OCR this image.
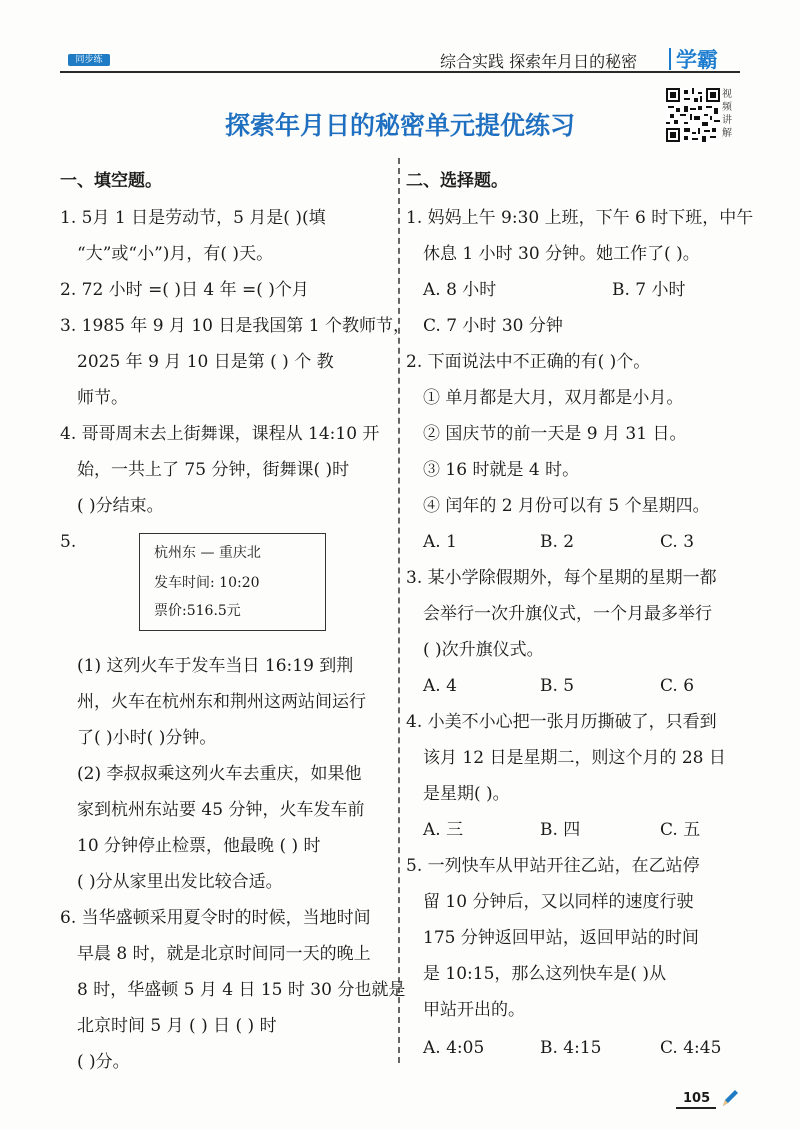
同步练	综合实践 探索年月日的秘密 学霸
探索年月日的秘密单元提优练习
视频讲解
一、填空题。
1. 5月 1 日是劳动节，5 月是( )(填
“大”或“小”)月，有( )天。
2. 72 小时 =( )日 4 年 =( )个月
3. 1985 年 9 月 10 日是我国第 1 个教师节，
2025 年 9 月 10 日是第 ( ) 个 教
师节。
4. 哥哥周末去上街舞课，课程从 14:10 开
始，一共上了 75 分钟，街舞课( )时
( )分结束。
5.
(1) 这列火车于发车当日 16:19 到荆
州，火车在杭州东和荆州这两站间运行
了( )小时( )分钟。
(2) 李叔叔乘这列火车去重庆，如果他
家到杭州东站要 45 分钟，火车发车前
10 分钟停止检票，他最晚 ( ) 时
( )分从家里出发比较合适。
6. 当华盛顿采用夏令时的时候，当地时间
早晨 8 时，就是北京时间同一天的晚上
8 时，华盛顿 5 月 4 日 15 时 30 分也就是
北京时间 5 月 ( ) 日 ( ) 时
( )分。
杭州东 — 重庆北
发车时间: 10:20
票价:516.5元
二、选择题。
1. 妈妈上午 9:30 上班，下午 6 时下班，中午
休息 1 小时 30 分钟。她工作了( )。
A. 8 小时	B. 7 小时
C. 7 小时 30 分钟
2. 下面说法中不正确的有( )个。
① 单月都是大月，双月都是小月。
② 国庆节的前一天是 9 月 31 日。
③ 16 时就是 4 时。
④ 闰年的 2 月份可以有 5 个星期四。
A. 1	B. 2	C. 3
3. 某小学除假期外，每个星期的星期一都
会举行一次升旗仪式，一个月最多举行
( )次升旗仪式。
A. 4	B. 5	C. 6
4. 小美不小心把一张月历撕破了，只看到
该月 12 日是星期二，则这个月的 28 日
是星期( )。
A. 三	B. 四	C. 五
5. 一列快车从甲站开往乙站，在乙站停
留 10 分钟后，又以同样的速度行驶
175 分钟返回甲站，返回甲站的时间
是 10:15，那么这列快车是( )从
甲站开出的。
A. 4:05	B. 4:15	C. 4:45
105
